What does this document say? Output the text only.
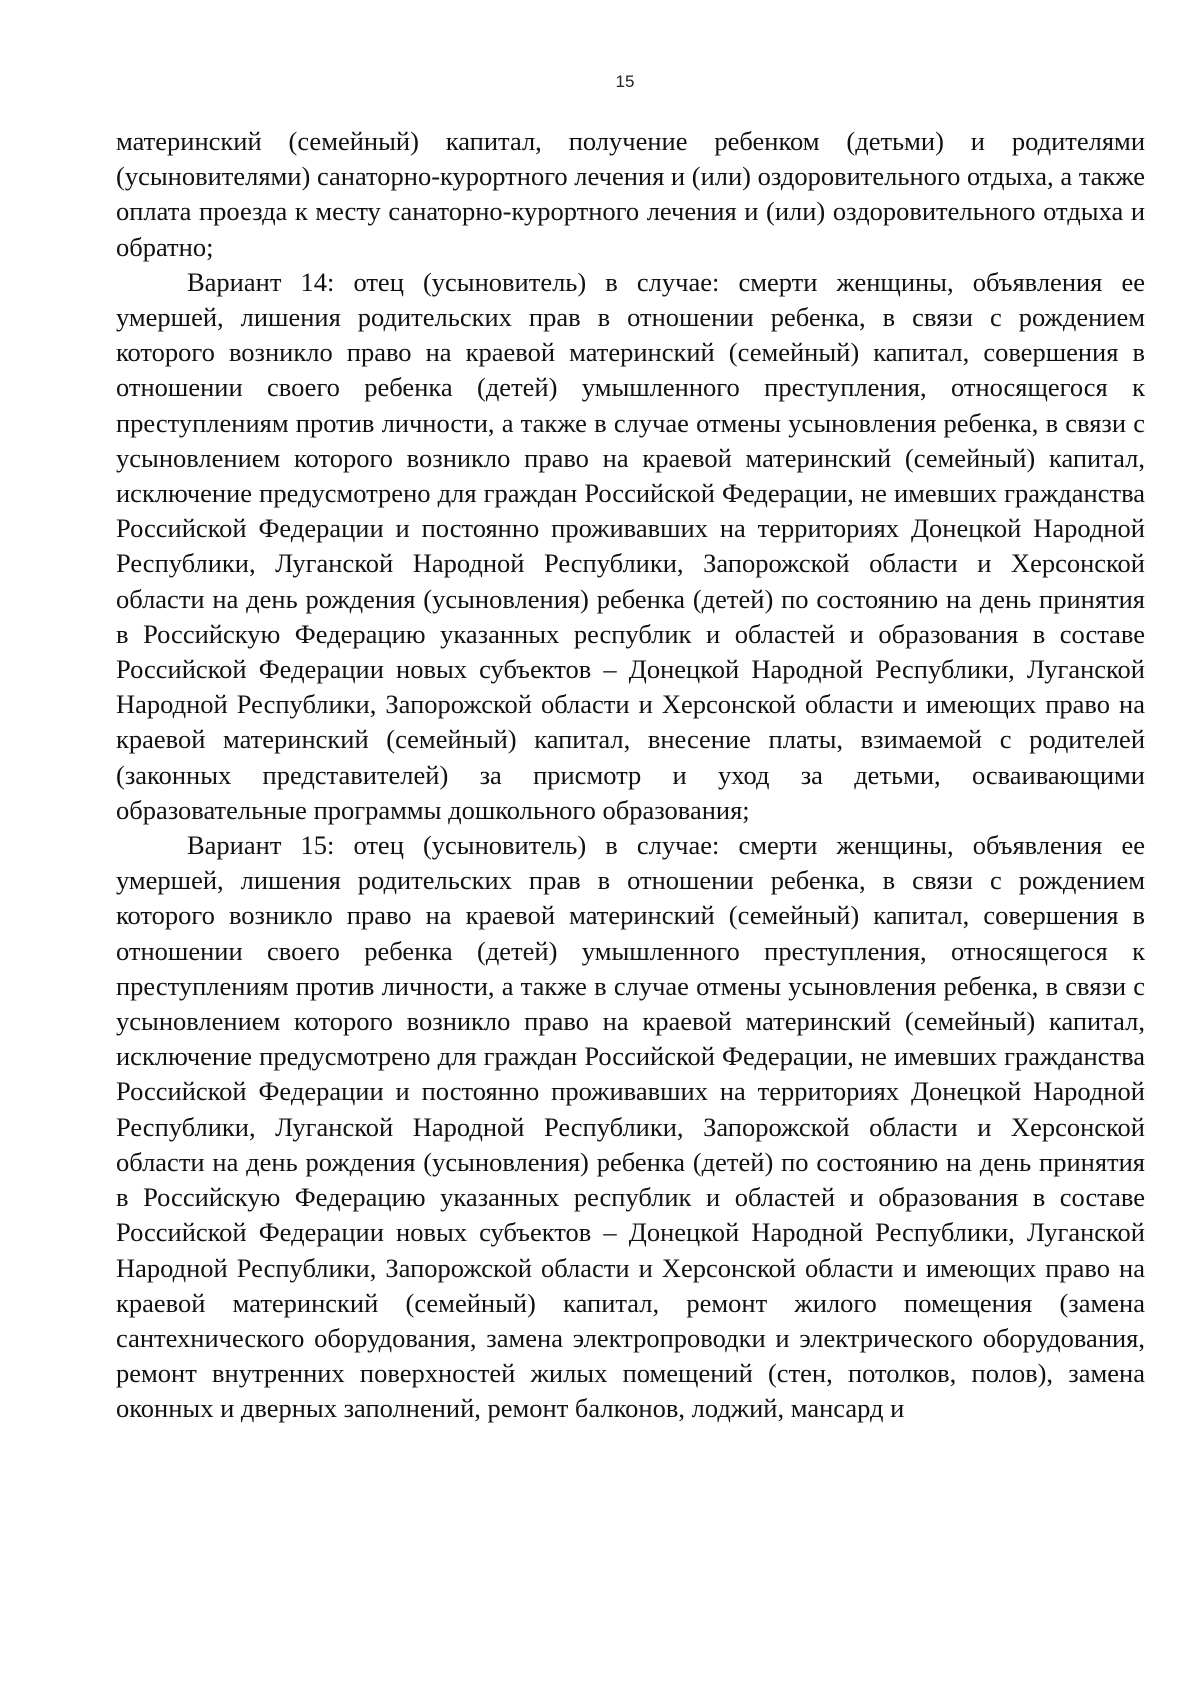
15

материнский (семейный) капитал, получение ребенком (детьми) и родителями (усыновителями) санаторно-курортного лечения и (или) оздоровительного отдыха, а также оплата проезда к месту санаторно-курортного лечения и (или) оздоровительного отдыха и обратно;

Вариант 14: отец (усыновитель) в случае: смерти женщины, объявления ее умершей, лишения родительских прав в отношении ребенка, в связи с рождением которого возникло право на краевой материнский (семейный) капитал, совершения в отношении своего ребенка (детей) умышленного преступления, относящегося к преступлениям против личности, а также в случае отмены усыновления ребенка, в связи с усыновлением которого возникло право на краевой материнский (семейный) капитал, исключение предусмотрено для граждан Российской Федерации, не имевших гражданства Российской Федерации и постоянно проживавших на территориях Донецкой Народной Республики, Луганской Народной Республики, Запорожской области и Херсонской области на день рождения (усыновления) ребенка (детей) по состоянию на день принятия в Российскую Федерацию указанных республик и областей и образования в составе Российской Федерации новых субъектов – Донецкой Народной Республики, Луганской Народной Республики, Запорожской области и Херсонской области и имеющих право на краевой материнский (семейный) капитал, внесение платы, взимаемой с родителей (законных представителей) за присмотр и уход за детьми, осваивающими образовательные программы дошкольного образования;

Вариант 15: отец (усыновитель) в случае: смерти женщины, объявления ее умершей, лишения родительских прав в отношении ребенка, в связи с рождением которого возникло право на краевой материнский (семейный) капитал, совершения в отношении своего ребенка (детей) умышленного преступления, относящегося к преступлениям против личности, а также в случае отмены усыновления ребенка, в связи с усыновлением которого возникло право на краевой материнский (семейный) капитал, исключение предусмотрено для граждан Российской Федерации, не имевших гражданства Российской Федерации и постоянно проживавших на территориях Донецкой Народной Республики, Луганской Народной Республики, Запорожской области и Херсонской области на день рождения (усыновления) ребенка (детей) по состоянию на день принятия в Российскую Федерацию указанных республик и областей и образования в составе Российской Федерации новых субъектов – Донецкой Народной Республики, Луганской Народной Республики, Запорожской области и Херсонской области и имеющих право на краевой материнский (семейный) капитал, ремонт жилого помещения (замена сантехнического оборудования, замена электропроводки и электрического оборудования, ремонт внутренних поверхностей жилых помещений (стен, потолков, полов), замена оконных и дверных заполнений, ремонт балконов, лоджий, мансард и
